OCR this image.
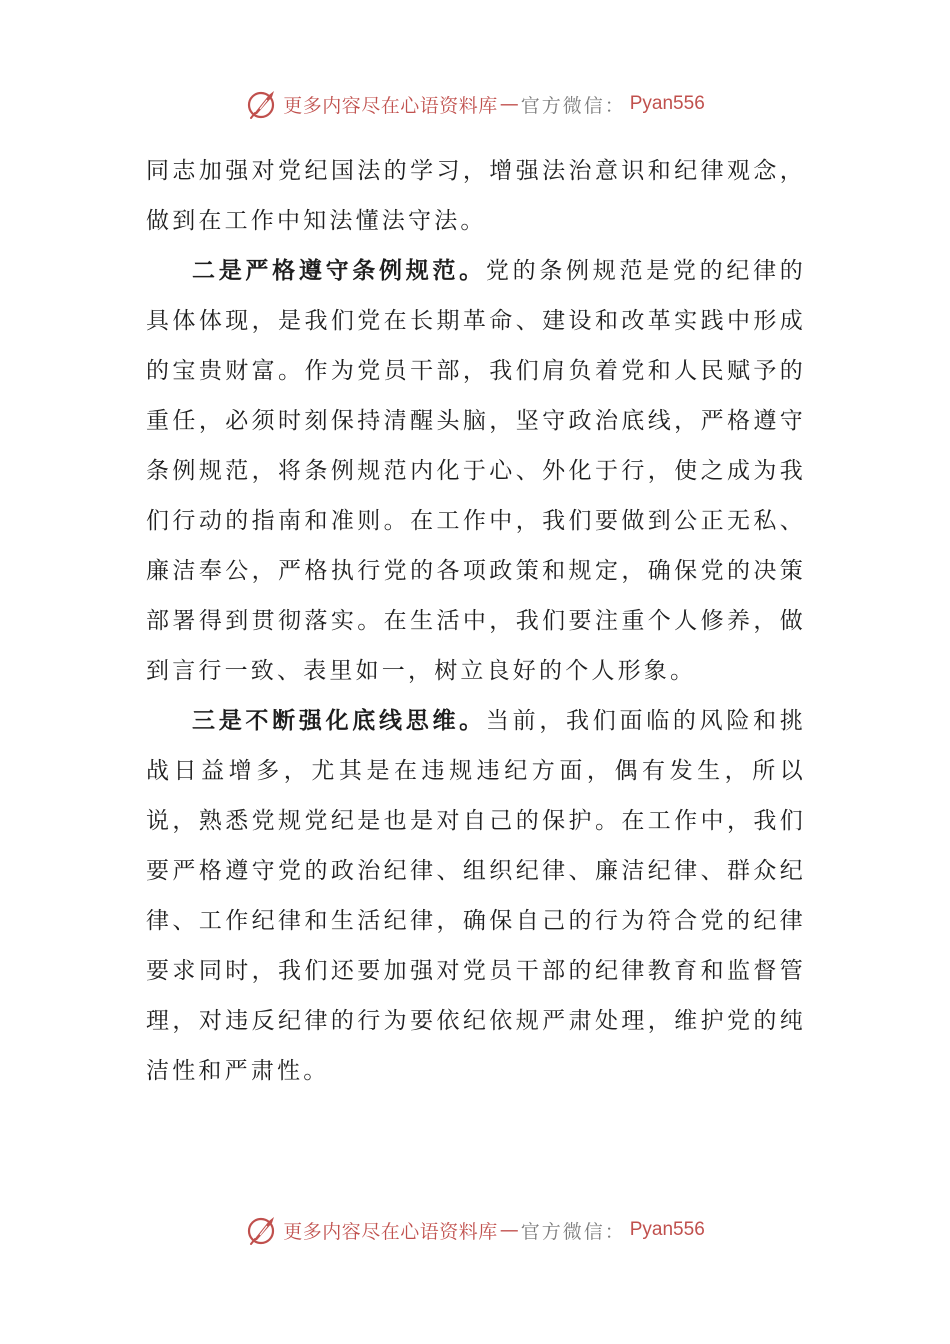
更多内容尽在心语资料库 — 官方微信： Pyan556

同志加强对党纪国法的学习，增强法治意识和纪律观念，做到在工作中知法懂法守法。

二是严格遵守条例规范。党的条例规范是党的纪律的具体体现，是我们党在长期革命、建设和改革实践中形成的宝贵财富。作为党员干部，我们肩负着党和人民赋予的重任，必须时刻保持清醒头脑，坚守政治底线，严格遵守条例规范，将条例规范内化于心、外化于行，使之成为我们行动的指南和准则。在工作中，我们要做到公正无私、廉洁奉公，严格执行党的各项政策和规定，确保党的决策部署得到贯彻落实。在生活中，我们要注重个人修养，做到言行一致、表里如一，树立良好的个人形象。

三是不断强化底线思维。当前，我们面临的风险和挑战日益增多，尤其是在违规违纪方面，偶有发生，所以说，熟悉党规党纪是也是对自己的保护。在工作中，我们要严格遵守党的政治纪律、组织纪律、廉洁纪律、群众纪律、工作纪律和生活纪律，确保自己的行为符合党的纪律要求同时，我们还要加强对党员干部的纪律教育和监督管理，对违反纪律的行为要依纪依规严肃处理，维护党的纯洁性和严肃性。

更多内容尽在心语资料库 — 官方微信： Pyan556
